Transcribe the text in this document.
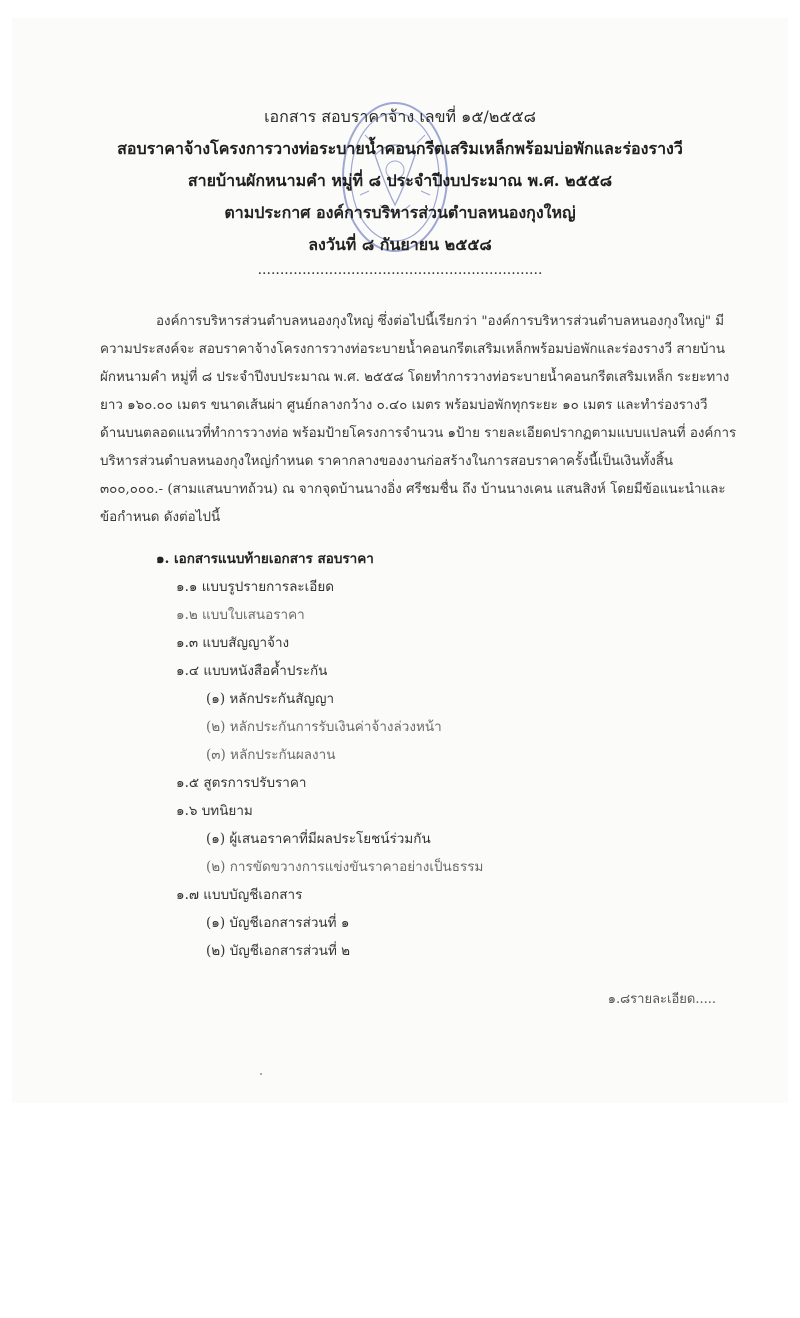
เอกสาร สอบราคาจ้าง เลขที่ ๑๕/๒๕๕๘
สอบราคาจ้างโครงการวางท่อระบายน้ำคอนกรีตเสริมเหล็กพร้อมบ่อพักและร่องรางวี
สายบ้านผักหนามคำ หมู่ที่ ๘ ประจำปีงบประมาณ พ.ศ. ๒๕๕๘
ตามประกาศ องค์การบริหารส่วนตำบลหนองกุงใหญ่
ลงวันที่ ๘ กันยายน ๒๕๕๘
................................................................
องค์การบริหารส่วนตำบลหนองกุงใหญ่ ซึ่งต่อไปนี้เรียกว่า "องค์การบริหารส่วนตำบลหนองกุงใหญ่" มี
ความประสงค์จะ สอบราคาจ้างโครงการวางท่อระบายน้ำคอนกรีตเสริมเหล็กพร้อมบ่อพักและร่องรางวี สายบ้าน
ผักหนามคำ หมู่ที่ ๘ ประจำปีงบประมาณ พ.ศ. ๒๕๕๘ โดยทำการวางท่อระบายน้ำคอนกรีตเสริมเหล็ก ระยะทาง
ยาว ๑๖๐.๐๐ เมตร ขนาดเส้นผ่า ศูนย์กลางกว้าง ๐.๔๐ เมตร พร้อมบ่อพักทุกระยะ ๑๐ เมตร และทำร่องรางวี
ด้านบนตลอดแนวที่ทำการวางท่อ พร้อมป้ายโครงการจำนวน ๑ป้าย รายละเอียดปรากฏตามแบบแปลนที่ องค์การ
บริหารส่วนตำบลหนองกุงใหญ่กำหนด ราคากลางของงานก่อสร้างในการสอบราคาครั้งนี้เป็นเงินทั้งสิ้น
๓๐๐,๐๐๐.- (สามแสนบาทถ้วน) ณ จากจุดบ้านนางอิ่ง ศรีชมชื่น ถึง บ้านนางเคน แสนสิงห์ โดยมีข้อแนะนำและ
ข้อกำหนด ดังต่อไปนี้
๑. เอกสารแนบท้ายเอกสาร สอบราคา
๑.๑ แบบรูปรายการละเอียด
๑.๒ แบบใบเสนอราคา
๑.๓ แบบสัญญาจ้าง
๑.๔ แบบหนังสือค้ำประกัน
(๑) หลักประกันสัญญา
(๒) หลักประกันการรับเงินค่าจ้างล่วงหน้า
(๓) หลักประกันผลงาน
๑.๕ สูตรการปรับราคา
๑.๖ บทนิยาม
(๑) ผู้เสนอราคาที่มีผลประโยชน์ร่วมกัน
(๒) การขัดขวางการแข่งขันราคาอย่างเป็นธรรม
๑.๗ แบบบัญชีเอกสาร
(๑) บัญชีเอกสารส่วนที่ ๑
(๒) บัญชีเอกสารส่วนที่ ๒
๑.๘รายละเอียด.....
